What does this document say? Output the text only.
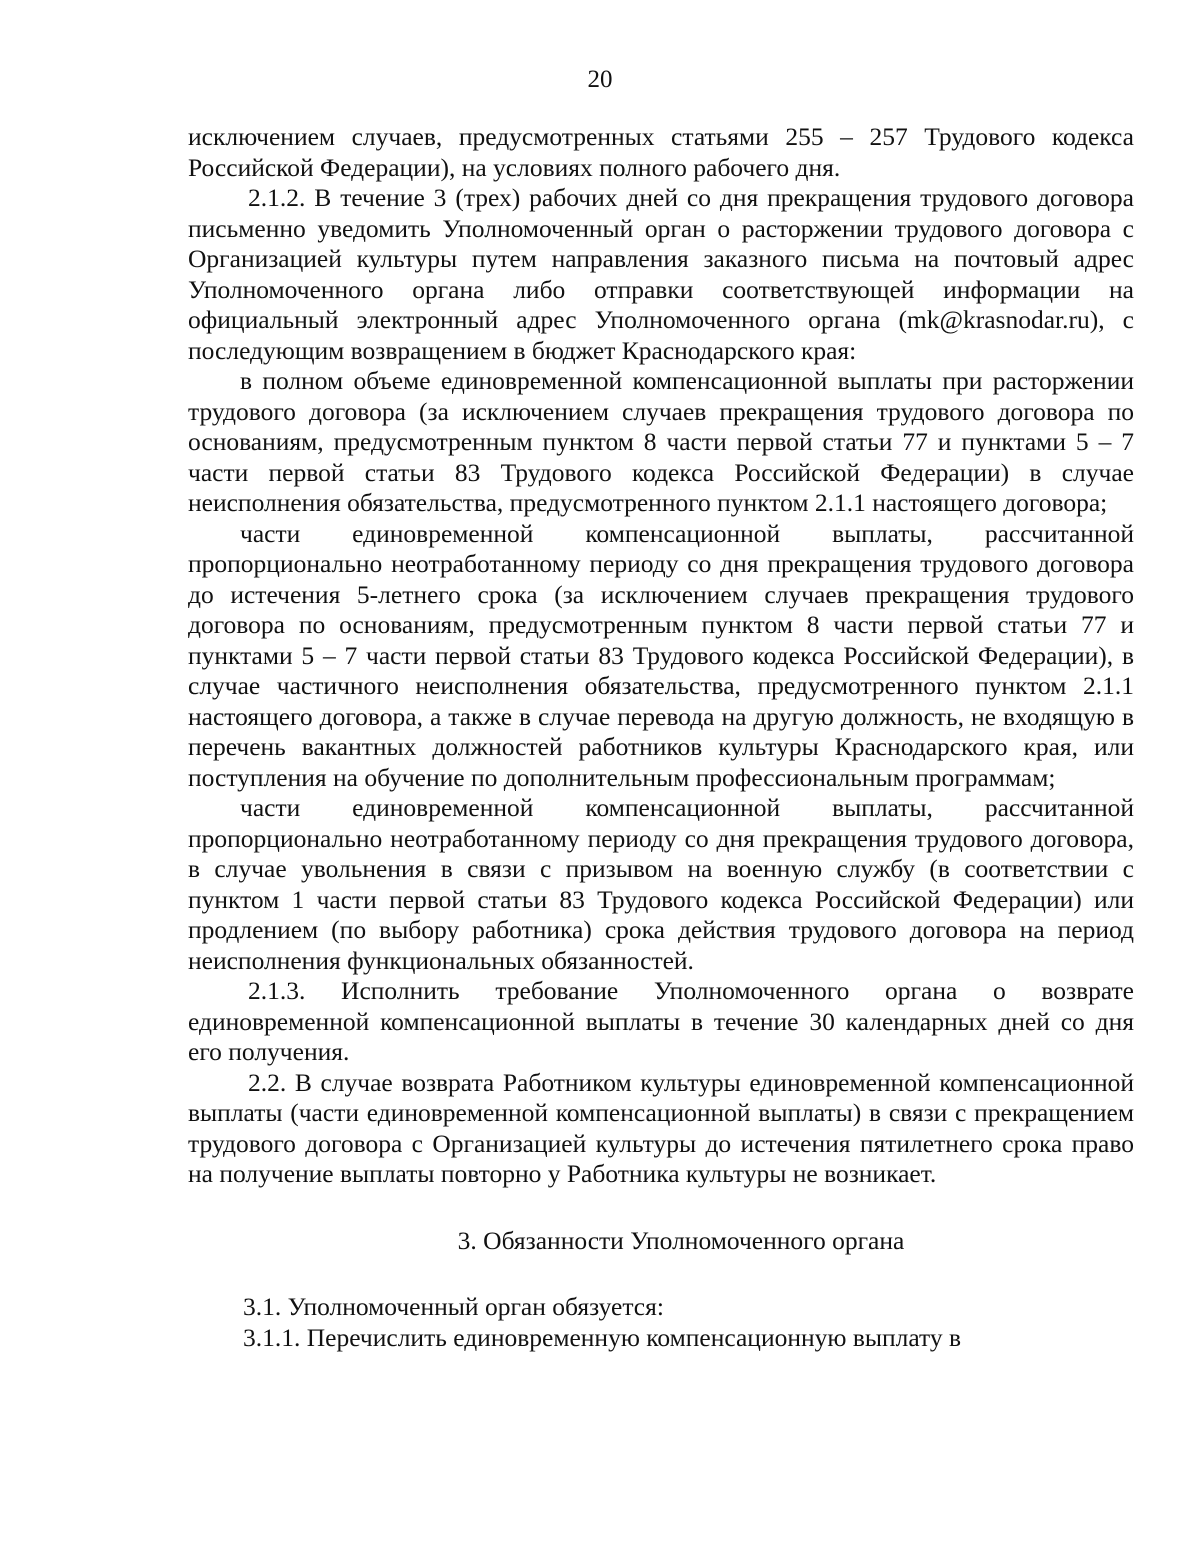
20

исключением случаев, предусмотренных статьями 255 – 257 Трудового кодекса Российской Федерации), на условиях полного рабочего дня.

2.1.2. В течение 3 (трех) рабочих дней со дня прекращения трудового договора письменно уведомить Уполномоченный орган о расторжении трудового договора с Организацией культуры путем направления заказного письма на почтовый адрес Уполномоченного органа либо отправки соответствующей информации на официальный электронный адрес Уполномоченного органа (mk@krasnodar.ru), с последующим возвращением в бюджет Краснодарского края:

в полном объеме единовременной компенсационной выплаты при расторжении трудового договора (за исключением случаев прекращения трудового договора по основаниям, предусмотренным пунктом 8 части первой статьи 77 и пунктами 5 – 7 части первой статьи 83 Трудового кодекса Российской Федерации) в случае неисполнения обязательства, предусмотренного пунктом 2.1.1 настоящего договора;

части единовременной компенсационной выплаты, рассчитанной пропорционально неотработанному периоду со дня прекращения трудового договора до истечения 5-летнего срока (за исключением случаев прекращения трудового договора по основаниям, предусмотренным пунктом 8 части первой статьи 77 и пунктами 5 – 7 части первой статьи 83 Трудового кодекса Российской Федерации), в случае частичного неисполнения обязательства, предусмотренного пунктом 2.1.1 настоящего договора, а также в случае перевода на другую должность, не входящую в перечень вакантных должностей работников культуры Краснодарского края, или поступления на обучение по дополнительным профессиональным программам;

части единовременной компенсационной выплаты, рассчитанной пропорционально неотработанному периоду со дня прекращения трудового договора, в случае увольнения в связи с призывом на военную службу (в соответствии с пунктом 1 части первой статьи 83 Трудового кодекса Российской Федерации) или продлением (по выбору работника) срока действия трудового договора на период неисполнения функциональных обязанностей.

2.1.3. Исполнить требование Уполномоченного органа о возврате единовременной компенсационной выплаты в течение 30 календарных дней со дня его получения.

2.2. В случае возврата Работником культуры единовременной компенсационной выплаты (части единовременной компенсационной выплаты) в связи с прекращением трудового договора с Организацией культуры до истечения пятилетнего срока право на получение выплаты повторно у Работника культуры не возникает.

3. Обязанности Уполномоченного органа

3.1. Уполномоченный орган обязуется:

3.1.1. Перечислить единовременную компенсационную выплату в
